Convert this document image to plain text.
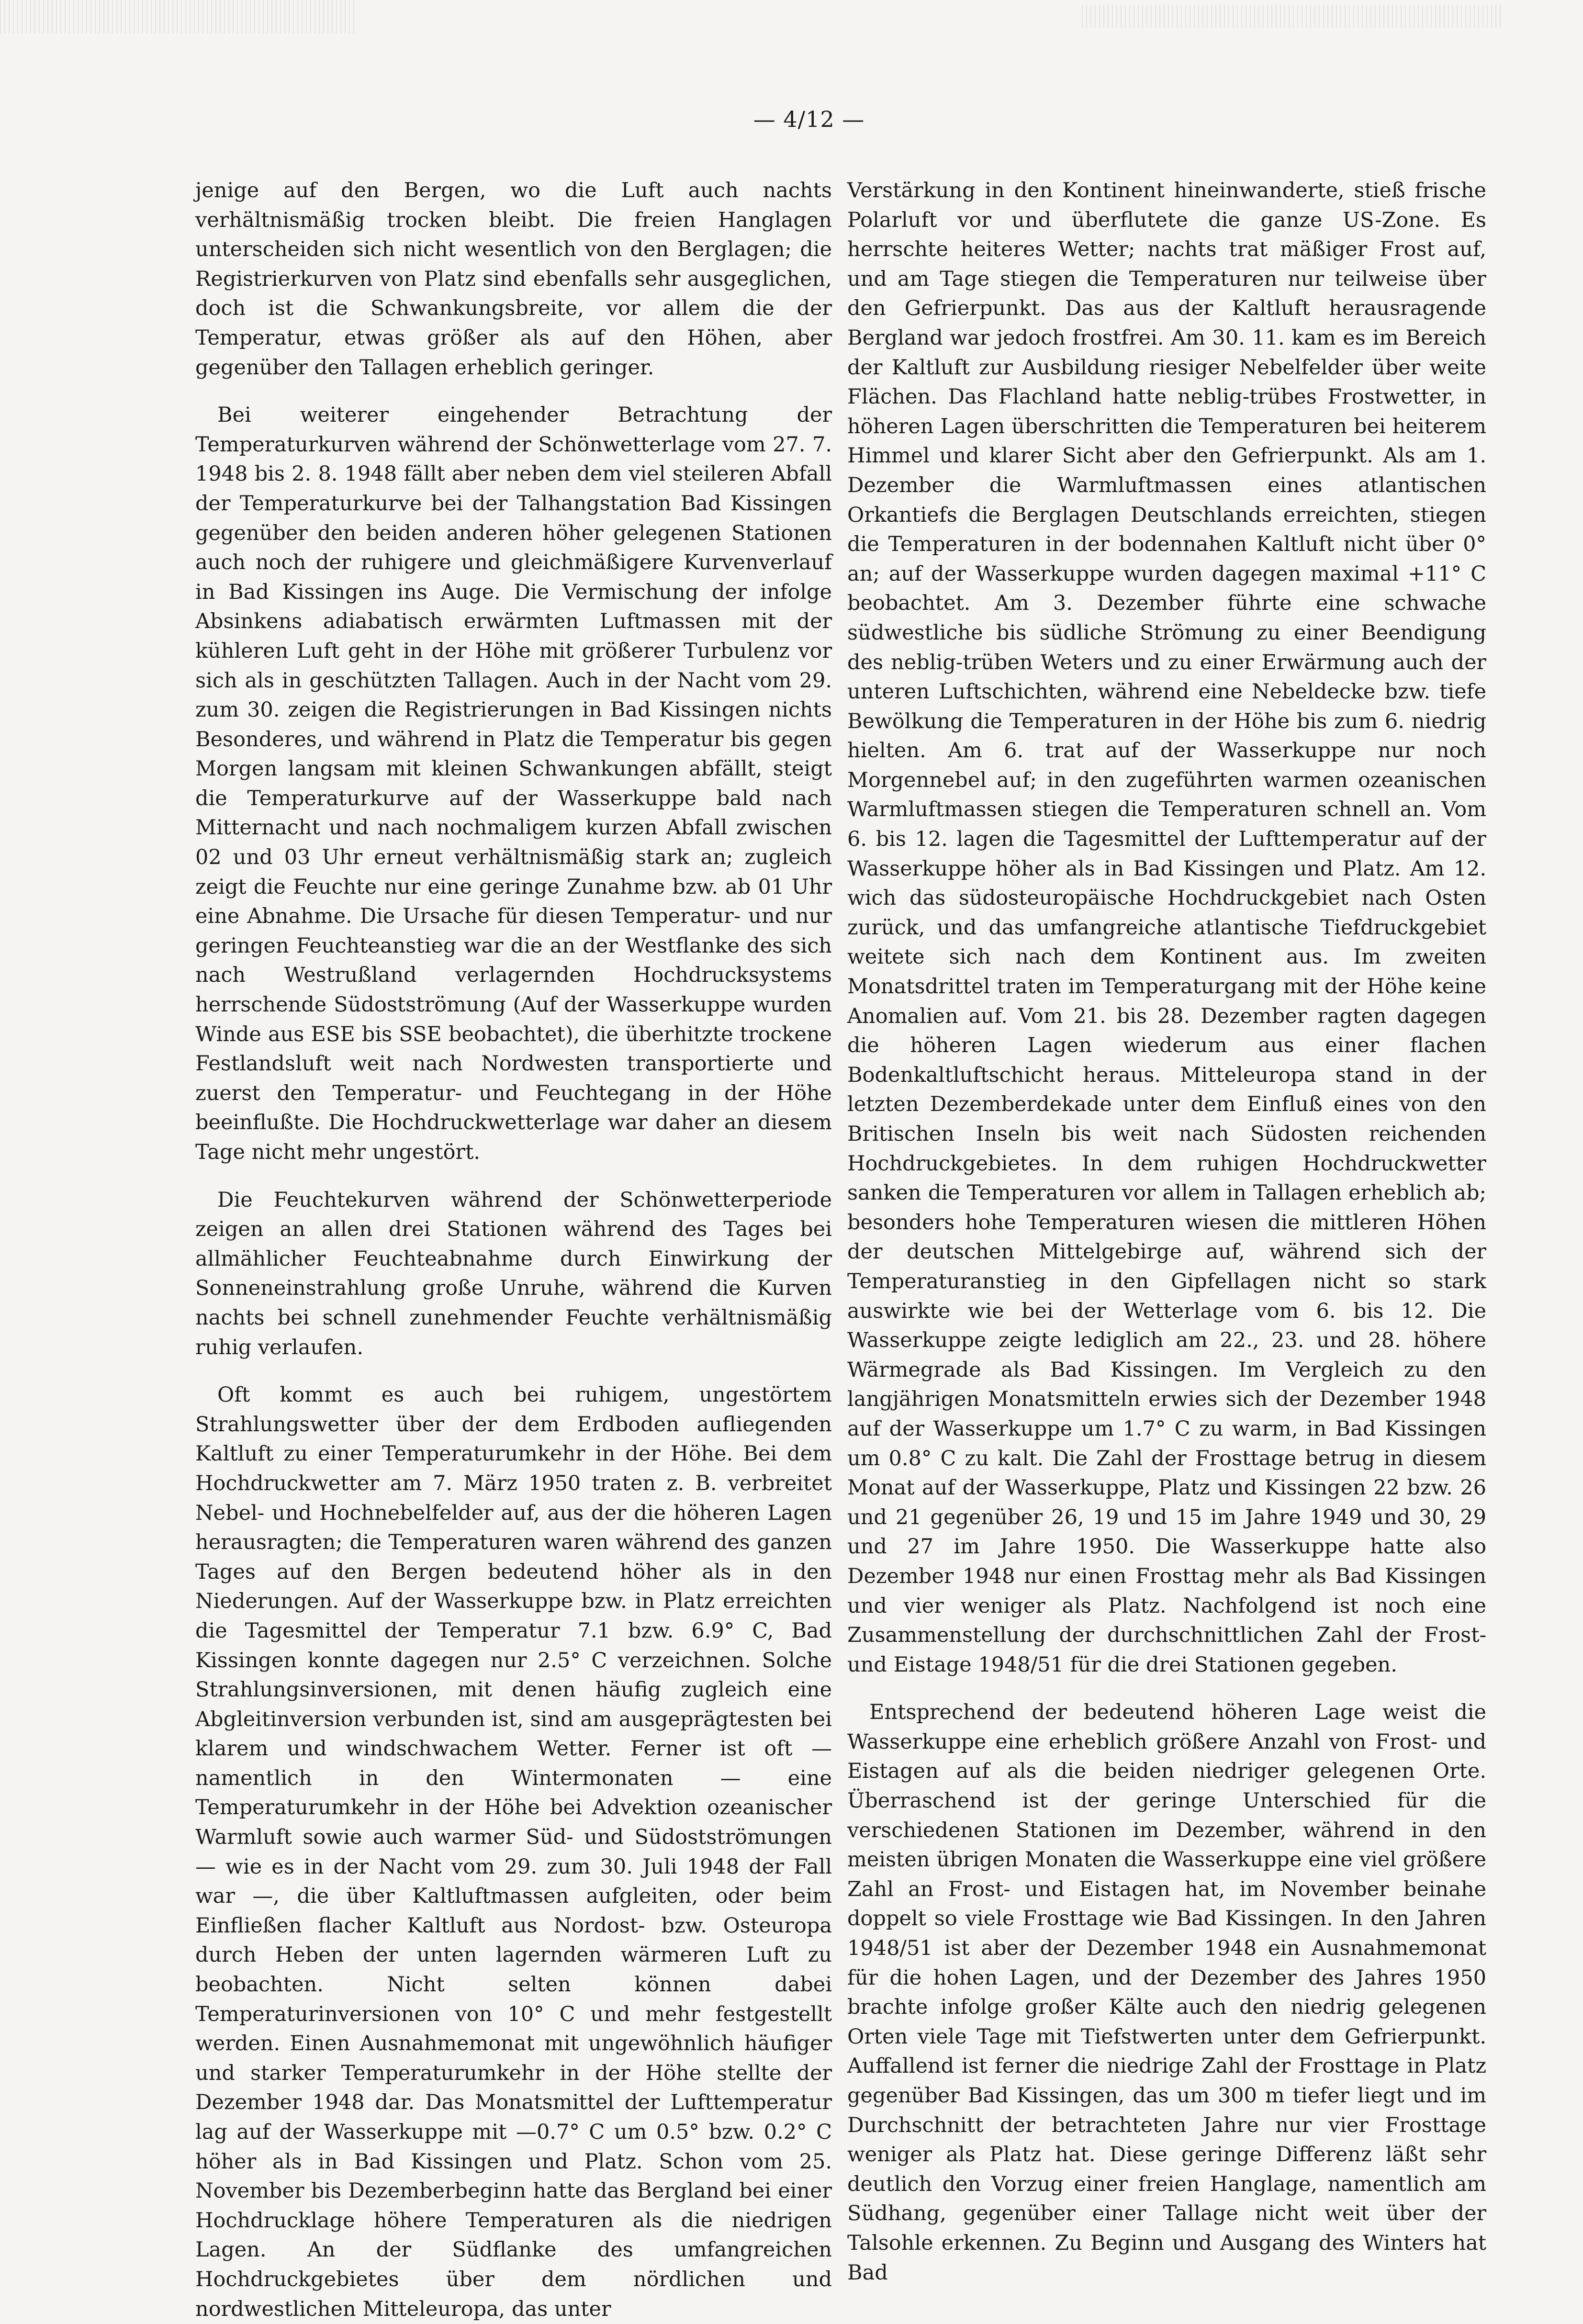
— 4/12 —

jenige auf den Bergen, wo die Luft auch nachts verhältnismäßig trocken bleibt. Die freien Hanglagen unterscheiden sich nicht wesentlich von den Berglagen; die Registrierkurven von Platz sind ebenfalls sehr ausgeglichen, doch ist die Schwankungsbreite, vor allem die der Temperatur, etwas größer als auf den Höhen, aber gegenüber den Tallagen erheblich geringer.

Bei weiterer eingehender Betrachtung der Temperaturkurven während der Schönwetterlage vom 27. 7. 1948 bis 2. 8. 1948 fällt aber neben dem viel steileren Abfall der Temperaturkurve bei der Talhangstation Bad Kissingen gegenüber den beiden anderen höher gelegenen Stationen auch noch der ruhigere und gleichmäßigere Kurvenverlauf in Bad Kissingen ins Auge. Die Vermischung der infolge Absinkens adiabatisch erwärmten Luftmassen mit der kühleren Luft geht in der Höhe mit größerer Turbulenz vor sich als in geschützten Tallagen. Auch in der Nacht vom 29. zum 30. zeigen die Registrierungen in Bad Kissingen nichts Besonderes, und während in Platz die Temperatur bis gegen Morgen langsam mit kleinen Schwankungen abfällt, steigt die Temperaturkurve auf der Wasserkuppe bald nach Mitternacht und nach nochmaligem kurzen Abfall zwischen 02 und 03 Uhr erneut verhältnismäßig stark an; zugleich zeigt die Feuchte nur eine geringe Zunahme bzw. ab 01 Uhr eine Abnahme. Die Ursache für diesen Temperatur- und nur geringen Feuchteanstieg war die an der Westflanke des sich nach Westrußland verlagernden Hochdrucksystems herrschende Südostströmung (Auf der Wasserkuppe wurden Winde aus ESE bis SSE beobachtet), die überhitzte trockene Festlandsluft weit nach Nordwesten transportierte und zuerst den Temperatur- und Feuchtegang in der Höhe beeinflußte. Die Hochdruckwetterlage war daher an diesem Tage nicht mehr ungestört.

Die Feuchtekurven während der Schönwetterperiode zeigen an allen drei Stationen während des Tages bei allmählicher Feuchteabnahme durch Einwirkung der Sonneneinstrahlung große Unruhe, während die Kurven nachts bei schnell zunehmender Feuchte verhältnismäßig ruhig verlaufen.

Oft kommt es auch bei ruhigem, ungestörtem Strahlungswetter über der dem Erdboden aufliegenden Kaltluft zu einer Temperaturumkehr in der Höhe. Bei dem Hochdruckwetter am 7. März 1950 traten z. B. verbreitet Nebel- und Hochnebelfelder auf, aus der die höheren Lagen herausragten; die Temperaturen waren während des ganzen Tages auf den Bergen bedeutend höher als in den Niederungen. Auf der Wasserkuppe bzw. in Platz erreichten die Tagesmittel der Temperatur 7.1 bzw. 6.9° C, Bad Kissingen konnte dagegen nur 2.5° C verzeichnen. Solche Strahlungsinversionen, mit denen häufig zugleich eine Abgleitinversion verbunden ist, sind am ausgeprägtesten bei klarem und windschwachem Wetter. Ferner ist oft — namentlich in den Wintermonaten — eine Temperaturumkehr in der Höhe bei Advektion ozeanischer Warmluft sowie auch warmer Süd- und Südostströmungen — wie es in der Nacht vom 29. zum 30. Juli 1948 der Fall war —, die über Kaltluftmassen aufgleiten, oder beim Einfließen flacher Kaltluft aus Nordost- bzw. Osteuropa durch Heben der unten lagernden wärmeren Luft zu beobachten. Nicht selten können dabei Temperaturinversionen von 10° C und mehr festgestellt werden. Einen Ausnahmemonat mit ungewöhnlich häufiger und starker Temperaturumkehr in der Höhe stellte der Dezember 1948 dar. Das Monatsmittel der Lufttemperatur lag auf der Wasserkuppe mit —0.7° C um 0.5° bzw. 0.2° C höher als in Bad Kissingen und Platz. Schon vom 25. November bis Dezemberbeginn hatte das Bergland bei einer Hochdrucklage höhere Temperaturen als die niedrigen Lagen. An der Südflanke des umfangreichen Hochdruckgebietes über dem nördlichen und nordwestlichen Mitteleuropa, das unter

Verstärkung in den Kontinent hineinwanderte, stieß frische Polarluft vor und überflutete die ganze US-Zone. Es herrschte heiteres Wetter; nachts trat mäßiger Frost auf, und am Tage stiegen die Temperaturen nur teilweise über den Gefrierpunkt. Das aus der Kaltluft herausragende Bergland war jedoch frostfrei. Am 30. 11. kam es im Bereich der Kaltluft zur Ausbildung riesiger Nebelfelder über weite Flächen. Das Flachland hatte neblig-trübes Frostwetter, in höheren Lagen überschritten die Temperaturen bei heiterem Himmel und klarer Sicht aber den Gefrierpunkt. Als am 1. Dezember die Warmluftmassen eines atlantischen Orkantiefs die Berglagen Deutschlands erreichten, stiegen die Temperaturen in der bodennahen Kaltluft nicht über 0° an; auf der Wasserkuppe wurden dagegen maximal +11° C beobachtet. Am 3. Dezember führte eine schwache südwestliche bis südliche Strömung zu einer Beendigung des neblig-trüben Weters und zu einer Erwärmung auch der unteren Luftschichten, während eine Nebeldecke bzw. tiefe Bewölkung die Temperaturen in der Höhe bis zum 6. niedrig hielten. Am 6. trat auf der Wasserkuppe nur noch Morgennebel auf; in den zugeführten warmen ozeanischen Warmluftmassen stiegen die Temperaturen schnell an. Vom 6. bis 12. lagen die Tagesmittel der Lufttemperatur auf der Wasserkuppe höher als in Bad Kissingen und Platz. Am 12. wich das südosteuropäische Hochdruckgebiet nach Osten zurück, und das umfangreiche atlantische Tiefdruckgebiet weitete sich nach dem Kontinent aus. Im zweiten Monatsdrittel traten im Temperaturgang mit der Höhe keine Anomalien auf. Vom 21. bis 28. Dezember ragten dagegen die höheren Lagen wiederum aus einer flachen Bodenkaltluftschicht heraus. Mitteleuropa stand in der letzten Dezemberdekade unter dem Einfluß eines von den Britischen Inseln bis weit nach Südosten reichenden Hochdruckgebietes. In dem ruhigen Hochdruckwetter sanken die Temperaturen vor allem in Tallagen erheblich ab; besonders hohe Temperaturen wiesen die mittleren Höhen der deutschen Mittelgebirge auf, während sich der Temperaturanstieg in den Gipfellagen nicht so stark auswirkte wie bei der Wetterlage vom 6. bis 12. Die Wasserkuppe zeigte lediglich am 22., 23. und 28. höhere Wärmegrade als Bad Kissingen. Im Vergleich zu den langjährigen Monatsmitteln erwies sich der Dezember 1948 auf der Wasserkuppe um 1.7° C zu warm, in Bad Kissingen um 0.8° C zu kalt. Die Zahl der Frosttage betrug in diesem Monat auf der Wasserkuppe, Platz und Kissingen 22 bzw. 26 und 21 gegenüber 26, 19 und 15 im Jahre 1949 und 30, 29 und 27 im Jahre 1950. Die Wasserkuppe hatte also Dezember 1948 nur einen Frosttag mehr als Bad Kissingen und vier weniger als Platz. Nachfolgend ist noch eine Zusammenstellung der durchschnittlichen Zahl der Frost- und Eistage 1948/51 für die drei Stationen gegeben.

Entsprechend der bedeutend höheren Lage weist die Wasserkuppe eine erheblich größere Anzahl von Frost- und Eistagen auf als die beiden niedriger gelegenen Orte. Überraschend ist der geringe Unterschied für die verschiedenen Stationen im Dezember, während in den meisten übrigen Monaten die Wasserkuppe eine viel größere Zahl an Frost- und Eistagen hat, im November beinahe doppelt so viele Frosttage wie Bad Kissingen. In den Jahren 1948/51 ist aber der Dezember 1948 ein Ausnahmemonat für die hohen Lagen, und der Dezember des Jahres 1950 brachte infolge großer Kälte auch den niedrig gelegenen Orten viele Tage mit Tiefstwerten unter dem Gefrierpunkt. Auffallend ist ferner die niedrige Zahl der Frosttage in Platz gegenüber Bad Kissingen, das um 300 m tiefer liegt und im Durchschnitt der betrachteten Jahre nur vier Frosttage weniger als Platz hat. Diese geringe Differenz läßt sehr deutlich den Vorzug einer freien Hanglage, namentlich am Südhang, gegenüber einer Tallage nicht weit über der Talsohle erkennen. Zu Beginn und Ausgang des Winters hat Bad
